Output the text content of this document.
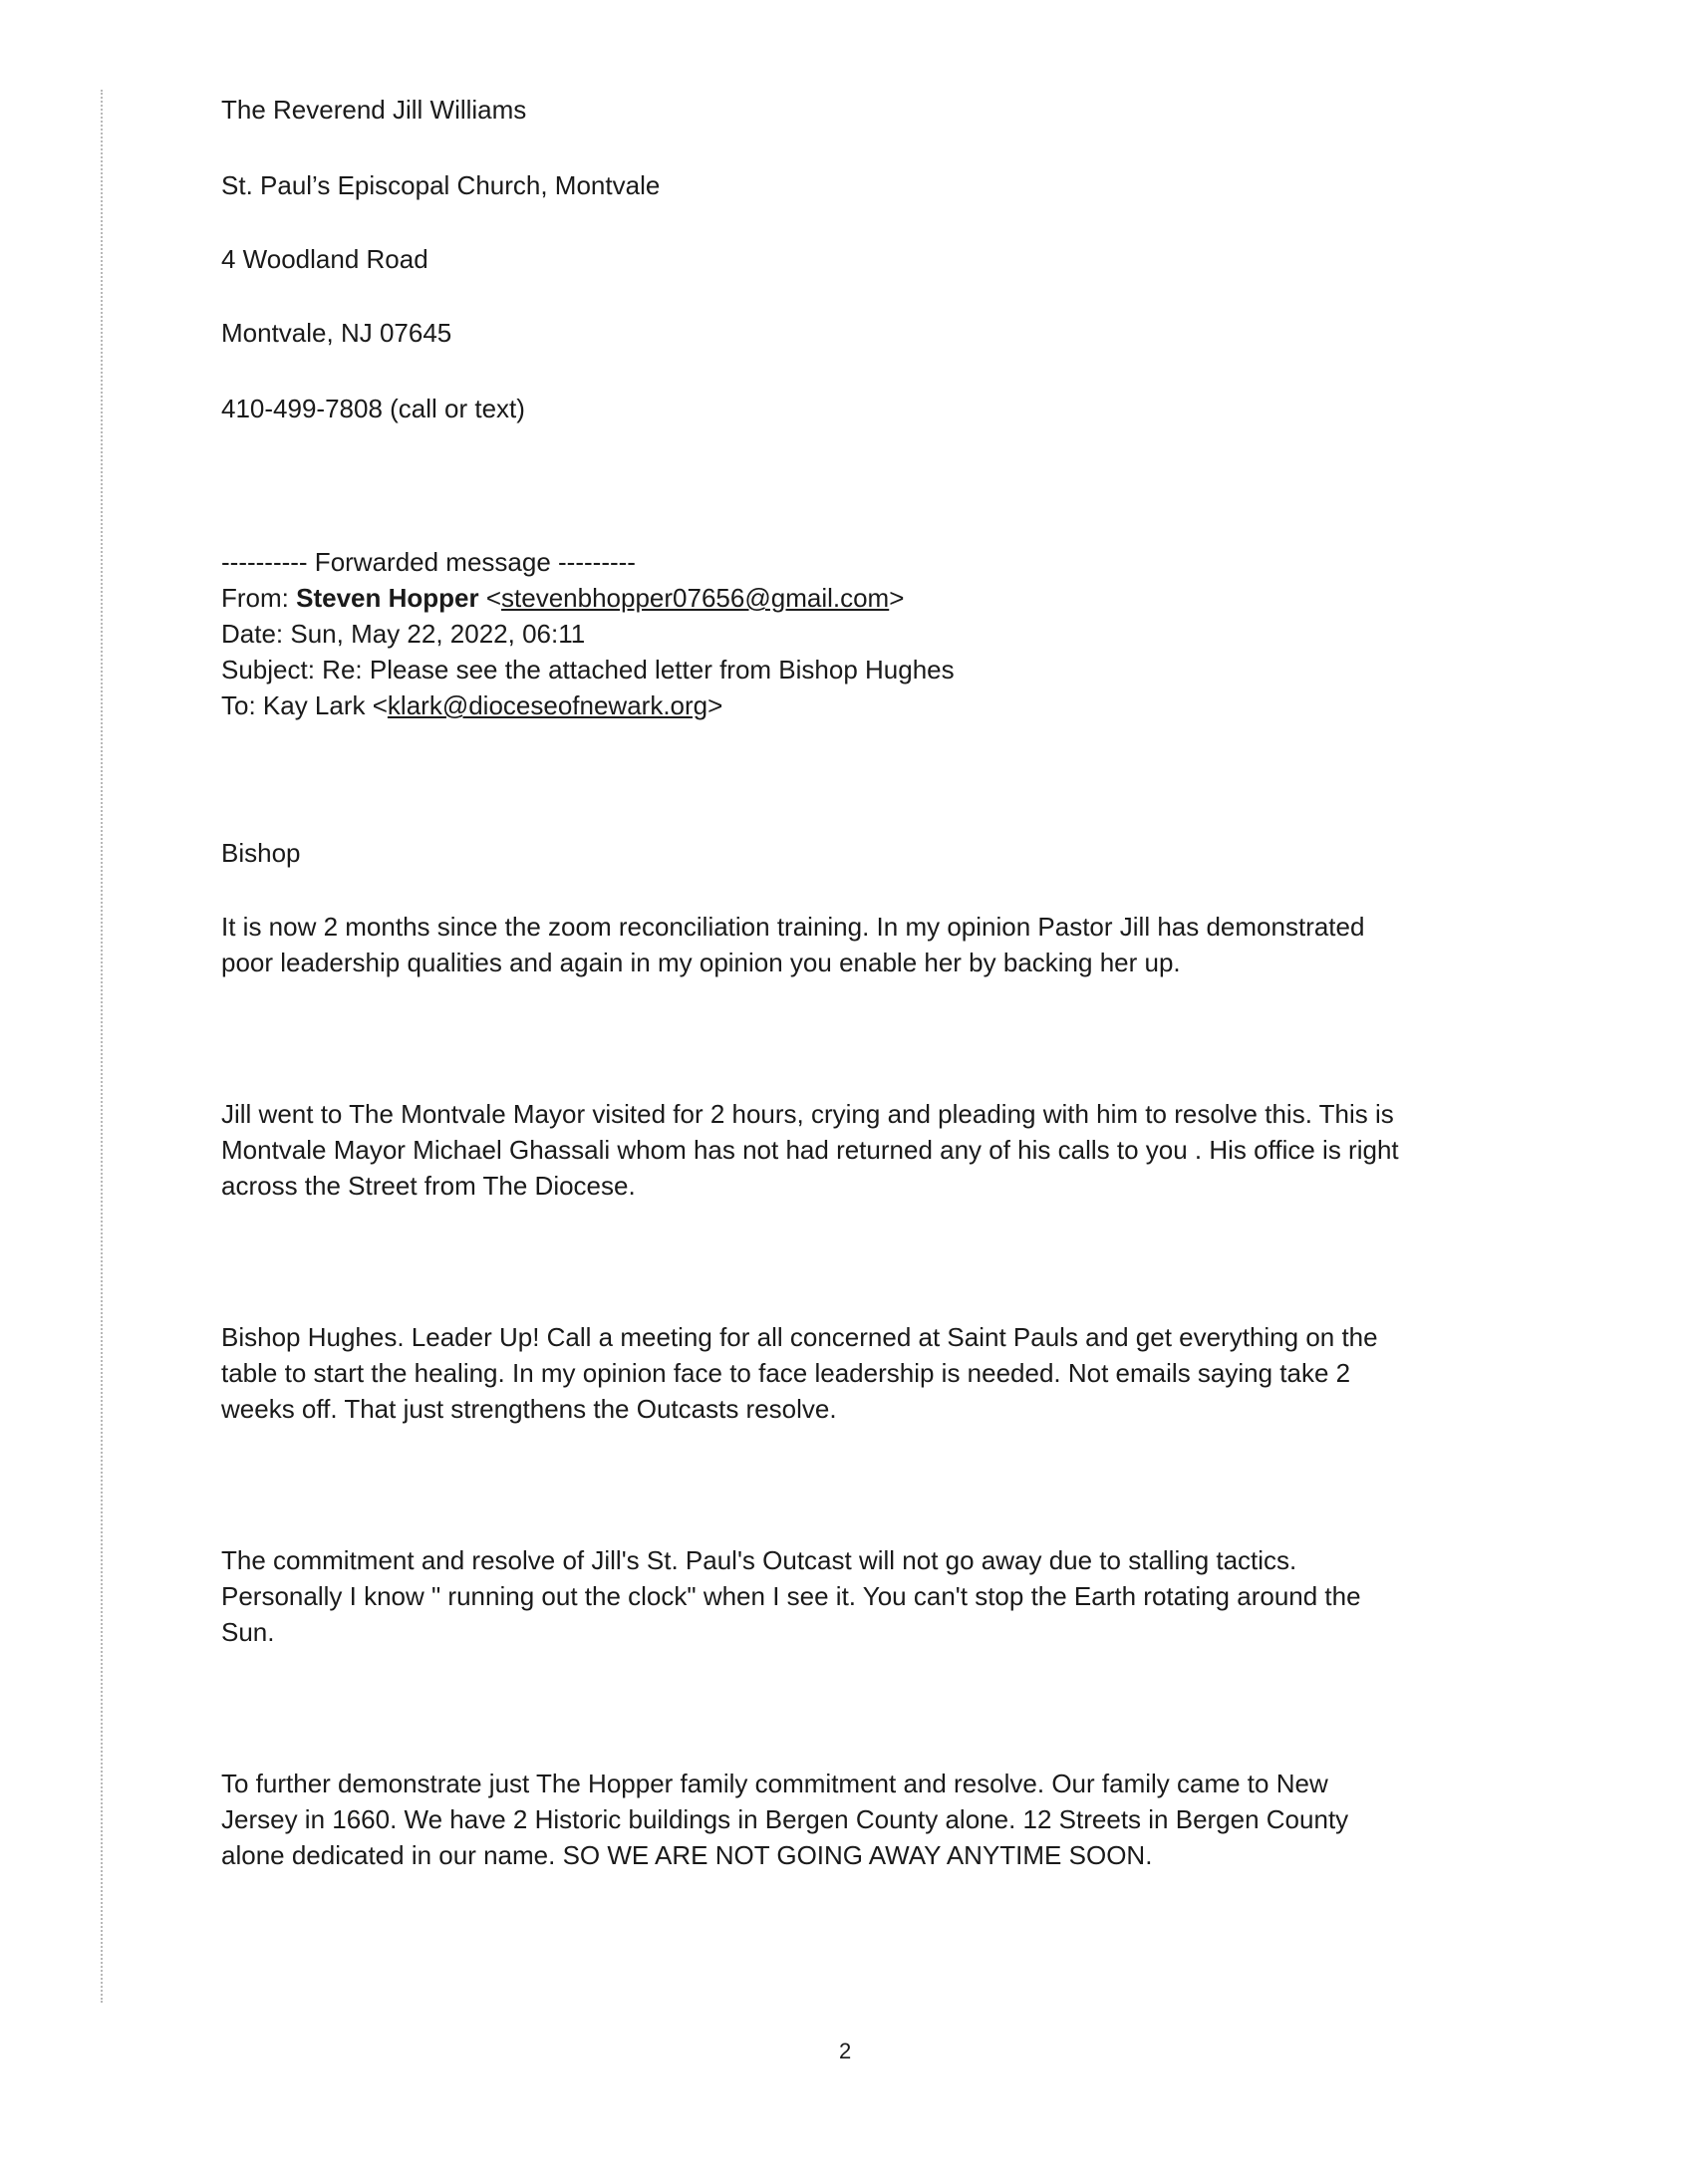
The Reverend Jill Williams
St. Paul’s Episcopal Church, Montvale
4 Woodland Road
Montvale, NJ 07645
410-499-7808 (call or text)
---------- Forwarded message ---------
From: Steven Hopper <stevenbhopper07656@gmail.com>
Date: Sun, May 22, 2022, 06:11
Subject: Re: Please see the attached letter from Bishop Hughes
To: Kay Lark <klark@dioceseofnewark.org>
Bishop
It is now 2 months since the zoom reconciliation training. In my opinion Pastor Jill has demonstrated
poor leadership qualities and again in my opinion you enable her by backing her up.
Jill went to The Montvale Mayor visited for 2 hours, crying and pleading with him to resolve this. This is
Montvale Mayor Michael Ghassali whom has not had returned any of his calls to you . His office is right
across the Street from The Diocese.
Bishop Hughes. Leader Up! Call a meeting for all concerned at Saint Pauls and get everything on the
table to start the healing. In my opinion face to face leadership is needed. Not emails saying take 2
weeks off. That just strengthens the Outcasts resolve.
The commitment and resolve of Jill's St. Paul's Outcast will not go away due to stalling tactics.
Personally I know " running out the clock" when I see it. You can't stop the Earth rotating around the
Sun.
To further demonstrate just The Hopper family commitment and resolve. Our family came to New
Jersey in 1660. We have 2 Historic buildings in Bergen County alone. 12 Streets in Bergen County
alone dedicated in our name. SO WE ARE NOT GOING AWAY ANYTIME SOON.
2
